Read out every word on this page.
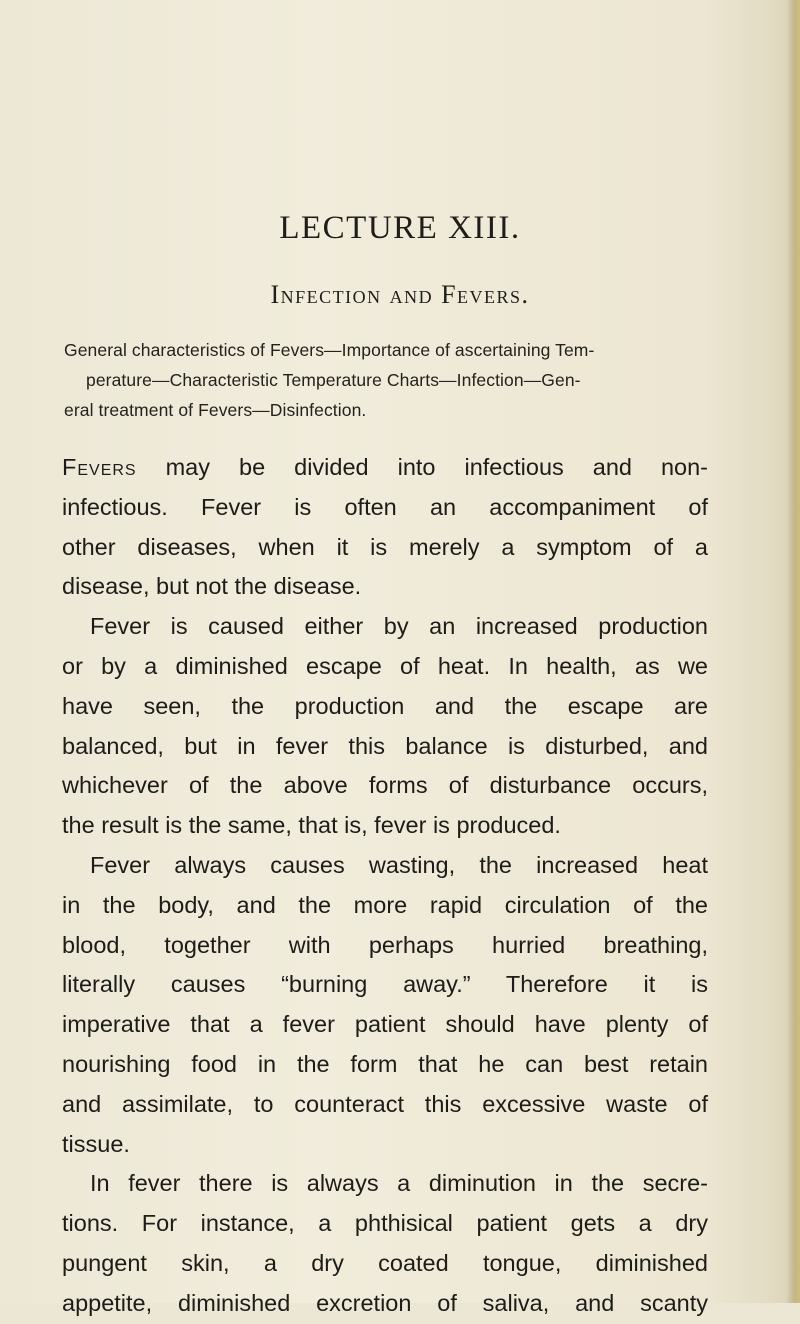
LECTURE XIII.
Infection and Fevers.
General characteristics of Fevers—Importance of ascertaining Tem-
perature—Characteristic Temperature Charts—Infection—Gen-
eral treatment of Fevers—Disinfection.
Fevers may be divided into infectious and non-
infectious. Fever is often an accompaniment of
other diseases, when it is merely a symptom of a
disease, but not the disease.
Fever is caused either by an increased production
or by a diminished escape of heat. In health, as we
have seen, the production and the escape are
balanced, but in fever this balance is disturbed, and
whichever of the above forms of disturbance occurs,
the result is the same, that is, fever is produced.
Fever always causes wasting, the increased heat
in the body, and the more rapid circulation of the
blood, together with perhaps hurried breathing,
literally causes “burning away.” Therefore it is
imperative that a fever patient should have plenty of
nourishing food in the form that he can best retain
and assimilate, to counteract this excessive waste of
tissue.
In fever there is always a diminution in the secre-
tions. For instance, a phthisical patient gets a dry
pungent skin, a dry coated tongue, diminished
appetite, diminished excretion of saliva, and scanty
